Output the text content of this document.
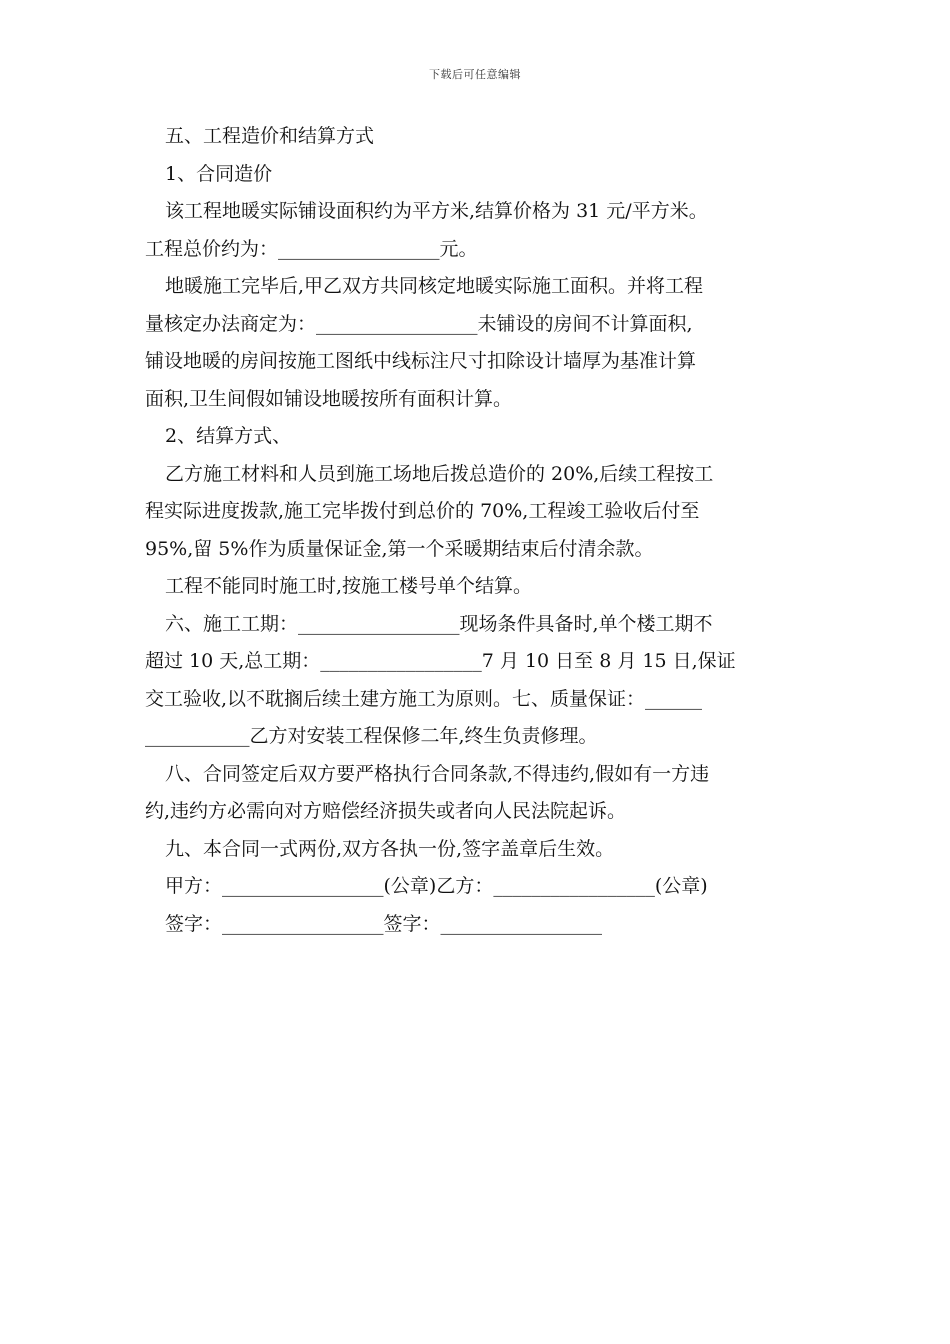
下载后可任意编辑
五、工程造价和结算方式
1、合同造价
该工程地暖实际铺设面积约为平方米,结算价格为 31 元/平方米。
工程总价约为：_________________元。
地暖施工完毕后,甲乙双方共同核定地暖实际施工面积。并将工程
量核定办法商定为：_________________未铺设的房间不计算面积,
铺设地暖的房间按施工图纸中线标注尺寸扣除设计墙厚为基准计算
面积,卫生间假如铺设地暖按所有面积计算。
2、结算方式、
乙方施工材料和人员到施工场地后拨总造价的 20%,后续工程按工
程实际进度拨款,施工完毕拨付到总价的 70%,工程竣工验收后付至
95%,留 5%作为质量保证金,第一个采暖期结束后付清余款。
工程不能同时施工时,按施工楼号单个结算。
六、施工工期：_________________现场条件具备时,单个楼工期不
超过 10 天,总工期：_________________7 月 10 日至 8 月 15 日,保证
交工验收,以不耽搁后续土建方施工为原则。七、质量保证：______
___________乙方对安装工程保修二年,终生负责修理。
八、合同签定后双方要严格执行合同条款,不得违约,假如有一方违
约,违约方必需向对方赔偿经济损失或者向人民法院起诉。
九、本合同一式两份,双方各执一份,签字盖章后生效。
甲方：_________________(公章)乙方：_________________(公章)
签字：_________________签字：_________________
